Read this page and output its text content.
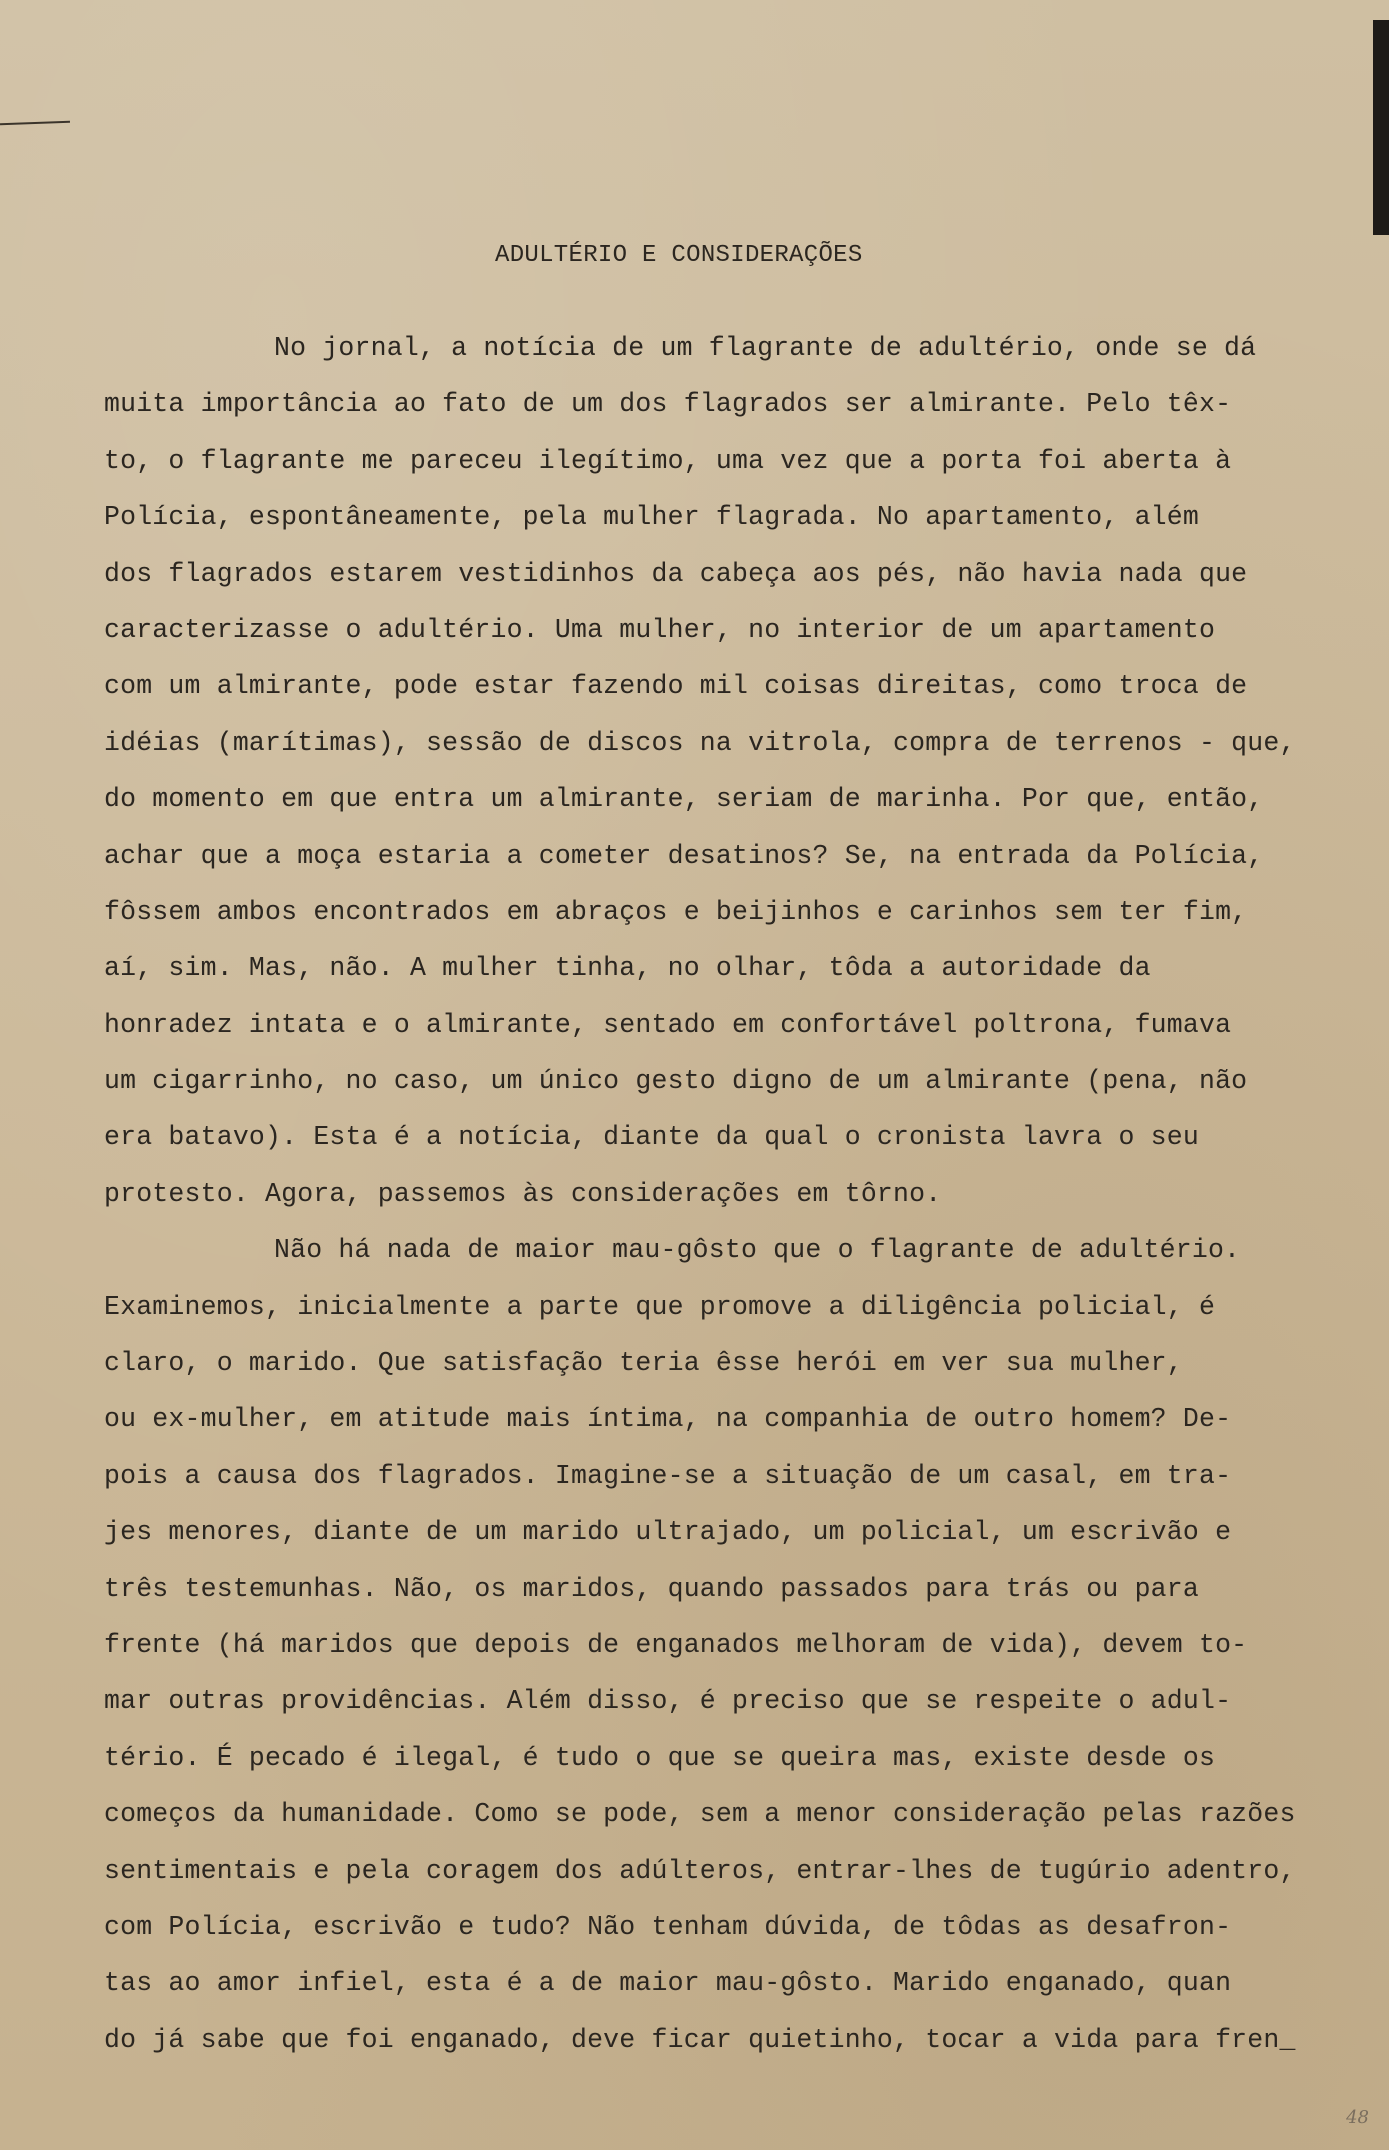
ADULTÉRIO E CONSIDERAÇÕES
No jornal, a notícia de um flagrante de adultério, onde se dá
muita importância ao fato de um dos flagrados ser almirante. Pelo têx-
to, o flagrante me pareceu ilegítimo, uma vez que a porta foi aberta à
Polícia, espontâneamente, pela mulher flagrada. No apartamento, além
dos flagrados estarem vestidinhos da cabeça aos pés, não havia nada que
caracterizasse o adultério. Uma mulher, no interior de um apartamento
com um almirante, pode estar fazendo mil coisas direitas, como troca de
idéias (marítimas), sessão de discos na vitrola, compra de terrenos - que,
do momento em que entra um almirante, seriam de marinha. Por que, então,
achar que a moça estaria a cometer desatinos? Se, na entrada da Polícia,
fôssem ambos encontrados em abraços e beijinhos e carinhos sem ter fim,
aí, sim. Mas, não. A mulher tinha, no olhar, tôda a autoridade da
honradez intata e o almirante, sentado em confortável poltrona, fumava
um cigarrinho, no caso, um único gesto digno de um almirante (pena, não
era batavo). Esta é a notícia, diante da qual o cronista lavra o seu
protesto. Agora, passemos às considerações em tôrno.
Não há nada de maior mau-gôsto que o flagrante de adultério.
Examinemos, inicialmente a parte que promove a diligência policial, é
claro, o marido. Que satisfação teria êsse herói em ver sua mulher,
ou ex-mulher, em atitude mais íntima, na companhia de outro homem? De-
pois a causa dos flagrados. Imagine-se a situação de um casal, em tra-
jes menores, diante de um marido ultrajado, um policial, um escrivão e
três testemunhas. Não, os maridos, quando passados para trás ou para
frente (há maridos que depois de enganados melhoram de vida), devem to-
mar outras providências. Além disso, é preciso que se respeite o adul-
tério. É pecado é ilegal, é tudo o que se queira mas, existe desde os
começos da humanidade. Como se pode, sem a menor consideração pelas razões
sentimentais e pela coragem dos adúlteros, entrar-lhes de tugúrio adentro,
com Polícia, escrivão e tudo? Não tenham dúvida, de tôdas as desafron-
tas ao amor infiel, esta é a de maior mau-gôsto. Marido enganado, quan
do já sabe que foi enganado, deve ficar quietinho, tocar a vida para fren_
48
